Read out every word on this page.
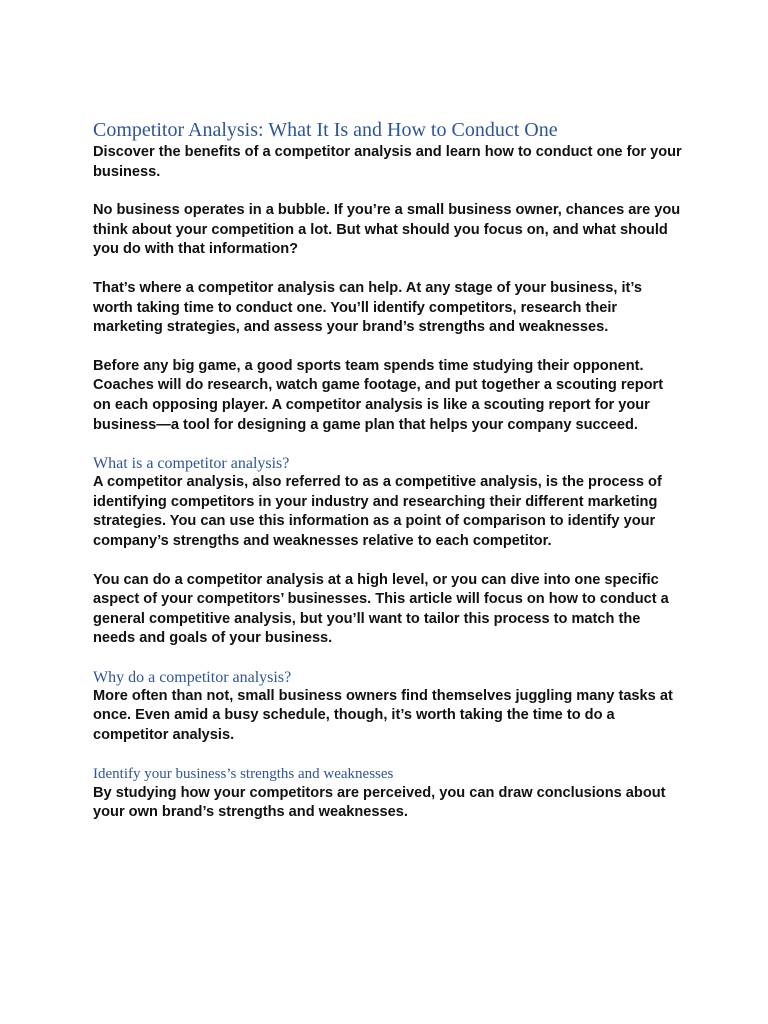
Competitor Analysis: What It Is and How to Conduct One

Discover the benefits of a competitor analysis and learn how to conduct one for your business.

No business operates in a bubble. If you’re a small business owner, chances are you think about your competition a lot. But what should you focus on, and what should you do with that information?

That’s where a competitor analysis can help. At any stage of your business, it’s worth taking time to conduct one. You’ll identify competitors, research their marketing strategies, and assess your brand’s strengths and weaknesses.

Before any big game, a good sports team spends time studying their opponent. Coaches will do research, watch game footage, and put together a scouting report on each opposing player. A competitor analysis is like a scouting report for your business—a tool for designing a game plan that helps your company succeed.

What is a competitor analysis?

A competitor analysis, also referred to as a competitive analysis, is the process of identifying competitors in your industry and researching their different marketing strategies. You can use this information as a point of comparison to identify your company’s strengths and weaknesses relative to each competitor.

You can do a competitor analysis at a high level, or you can dive into one specific aspect of your competitors’ businesses. This article will focus on how to conduct a general competitive analysis, but you’ll want to tailor this process to match the needs and goals of your business.

Why do a competitor analysis?

More often than not, small business owners find themselves juggling many tasks at once. Even amid a busy schedule, though, it’s worth taking the time to do a competitor analysis.

Identify your business’s strengths and weaknesses

By studying how your competitors are perceived, you can draw conclusions about your own brand’s strengths and weaknesses.
